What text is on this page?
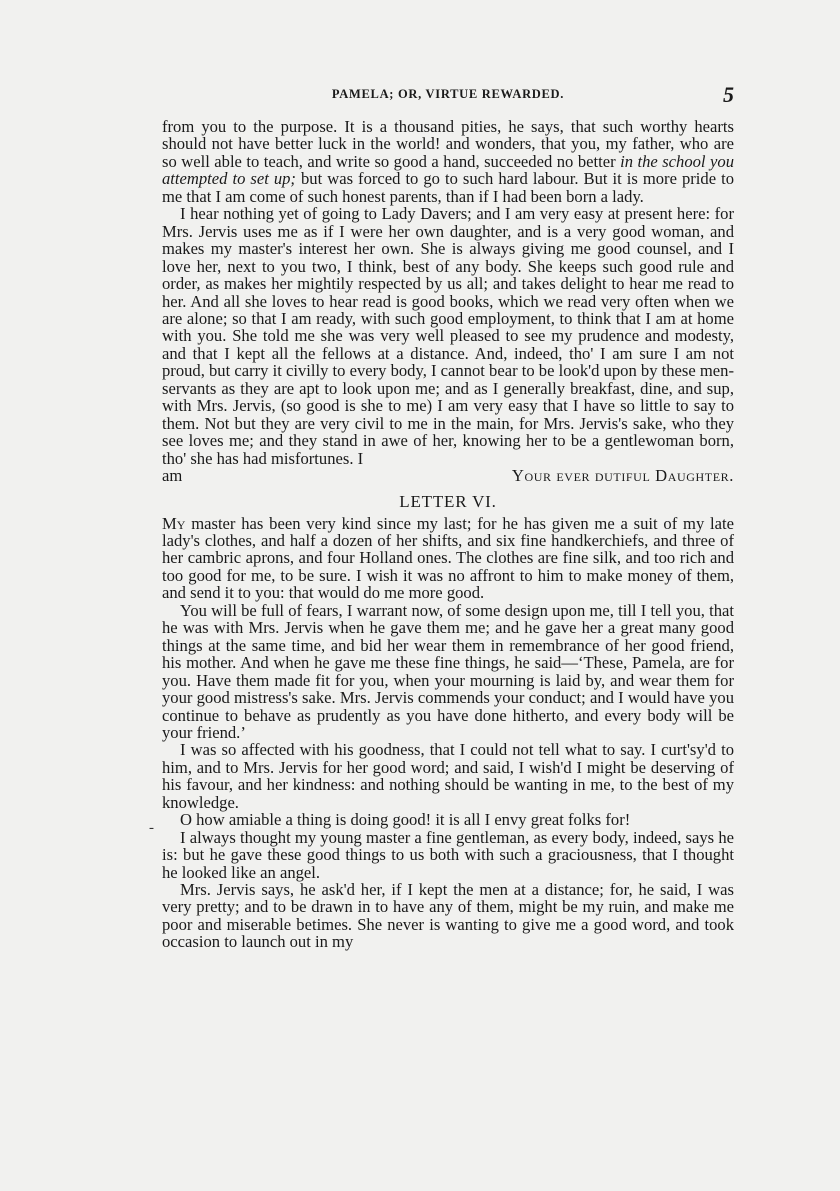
PAMELA; OR, VIRTUE REWARDED.	5
-

from you to the purpose. It is a thousand pities, he says, that such worthy hearts should not have better luck in the world! and wonders, that you, my father, who are so well able to teach, and write so good a hand, succeeded no better in the school you attempted to set up; but was forced to go to such hard labour. But it is more pride to me that I am come of such honest parents, than if I had been born a lady.

I hear nothing yet of going to Lady Davers; and I am very easy at present here: for Mrs. Jervis uses me as if I were her own daughter, and is a very good woman, and makes my master's interest her own. She is always giving me good counsel, and I love her, next to you two, I think, best of any body. She keeps such good rule and order, as makes her mightily respected by us all; and takes delight to hear me read to her. And all she loves to hear read is good books, which we read very often when we are alone; so that I am ready, with such good employment, to think that I am at home with you. She told me she was very well pleased to see my prudence and modesty, and that I kept all the fellows at a distance. And, indeed, tho' I am sure I am not proud, but carry it civilly to every body, I cannot bear to be look'd upon by these men-servants as they are apt to look upon me; and as I generally breakfast, dine, and sup, with Mrs. Jervis, (so good is she to me) I am very easy that I have so little to say to them. Not but they are very civil to me in the main, for Mrs. Jervis's sake, who they see loves me; and they stand in awe of her, knowing her to be a gentlewoman born, tho' she has had misfortunes. I

am	Your ever dutiful Daughter.
LETTER VI.

My master has been very kind since my last; for he has given me a suit of my late lady's clothes, and half a dozen of her shifts, and six fine handkerchiefs, and three of her cambric aprons, and four Holland ones. The clothes are fine silk, and too rich and too good for me, to be sure. I wish it was no affront to him to make money of them, and send it to you: that would do me more good.

You will be full of fears, I warrant now, of some design upon me, till I tell you, that he was with Mrs. Jervis when he gave them me; and he gave her a great many good things at the same time, and bid her wear them in remembrance of her good friend, his mother. And when he gave me these fine things, he said—‘These, Pamela, are for you. Have them made fit for you, when your mourning is laid by, and wear them for your good mistress's sake. Mrs. Jervis commends your conduct; and I would have you continue to behave as prudently as you have done hitherto, and every body will be your friend.’

I was so affected with his goodness, that I could not tell what to say. I curt'sy'd to him, and to Mrs. Jervis for her good word; and said, I wish'd I might be deserving of his favour, and her kindness: and nothing should be wanting in me, to the best of my knowledge.

O how amiable a thing is doing good! it is all I envy great folks for!

I always thought my young master a fine gentleman, as every body, indeed, says he is: but he gave these good things to us both with such a graciousness, that I thought he looked like an angel.

Mrs. Jervis says, he ask'd her, if I kept the men at a distance; for, he said, I was very pretty; and to be drawn in to have any of them, might be my ruin, and make me poor and miserable betimes. She never is wanting to give me a good word, and took occasion to launch out in my
